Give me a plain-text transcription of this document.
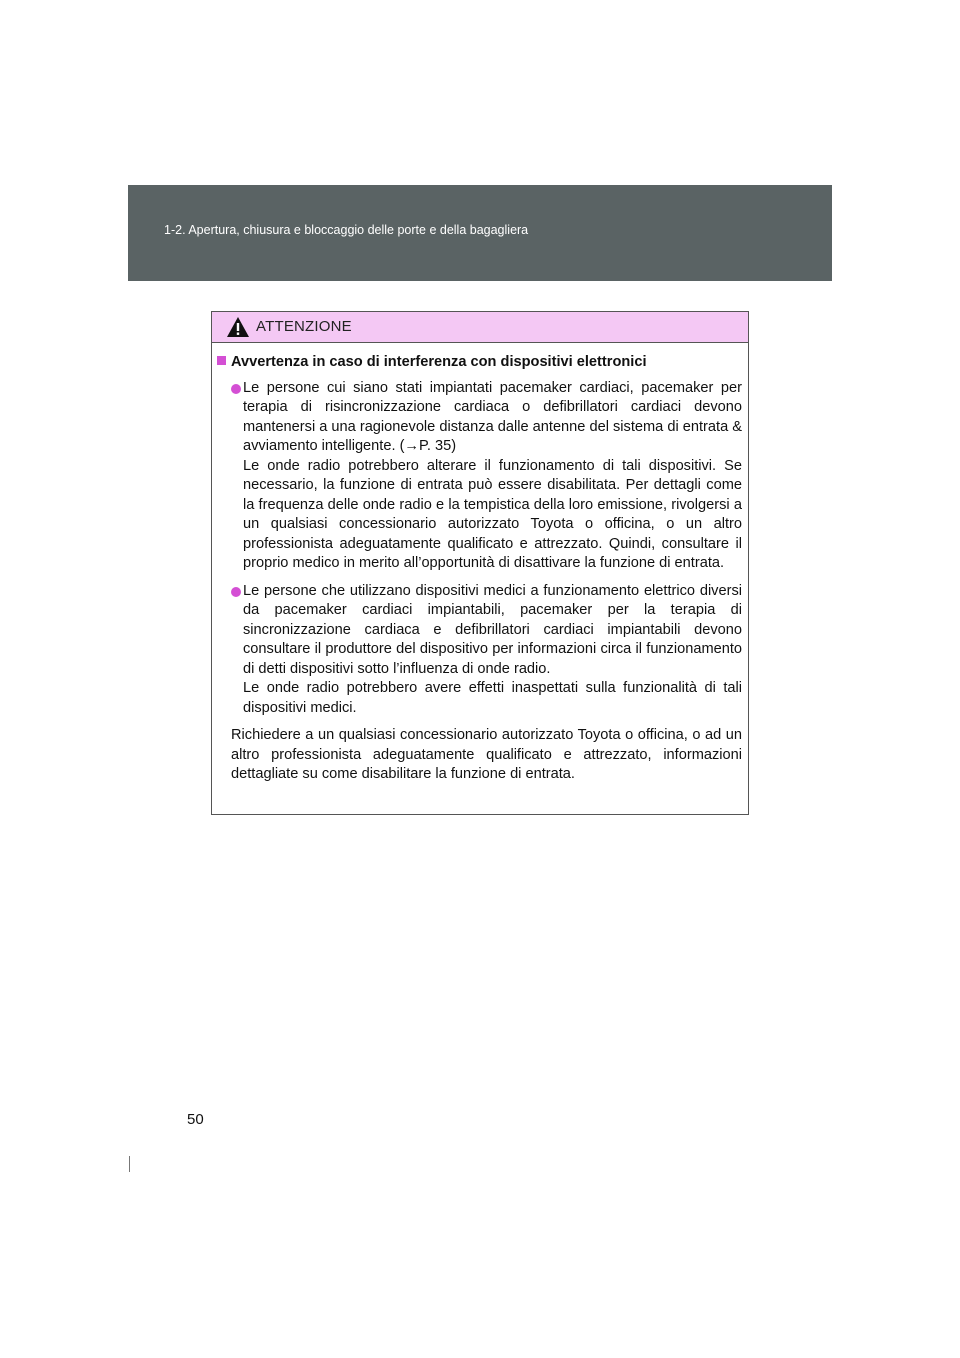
1-2. Apertura, chiusura e bloccaggio delle porte e della bagagliera
ATTENZIONE
Avvertenza in caso di interferenza con dispositivi elettronici

Le persone cui siano stati impiantati pacemaker cardiaci, pacemaker per terapia di risincronizzazione cardiaca o defibrillatori cardiaci devono mantenersi a una ragionevole distanza dalle antenne del sistema di entrata & avviamento intelligente. (→P. 35)

Le onde radio potrebbero alterare il funzionamento di tali dispositivi. Se necessario, la funzione di entrata può essere disabilitata. Per dettagli come la frequenza delle onde radio e la tempistica della loro emissione, rivolgersi a un qualsiasi concessionario autorizzato Toyota o officina, o un altro professionista adeguatamente qualificato e attrezzato. Quindi, consultare il proprio medico in merito all’opportunità di disattivare la funzione di entrata.

Le persone che utilizzano dispositivi medici a funzionamento elettrico diversi da pacemaker cardiaci impiantabili, pacemaker per la terapia di sincronizzazione cardiaca e defibrillatori cardiaci impiantabili devono consultare il produttore del dispositivo per informazioni circa il funzionamento di detti dispositivi sotto l’influenza di onde radio.

Le onde radio potrebbero avere effetti inaspettati sulla funzionalità di tali dispositivi medici.

Richiedere a un qualsiasi concessionario autorizzato Toyota o officina, o ad un altro professionista adeguatamente qualificato e attrezzato, informazioni dettagliate su come disabilitare la funzione di entrata.

50
